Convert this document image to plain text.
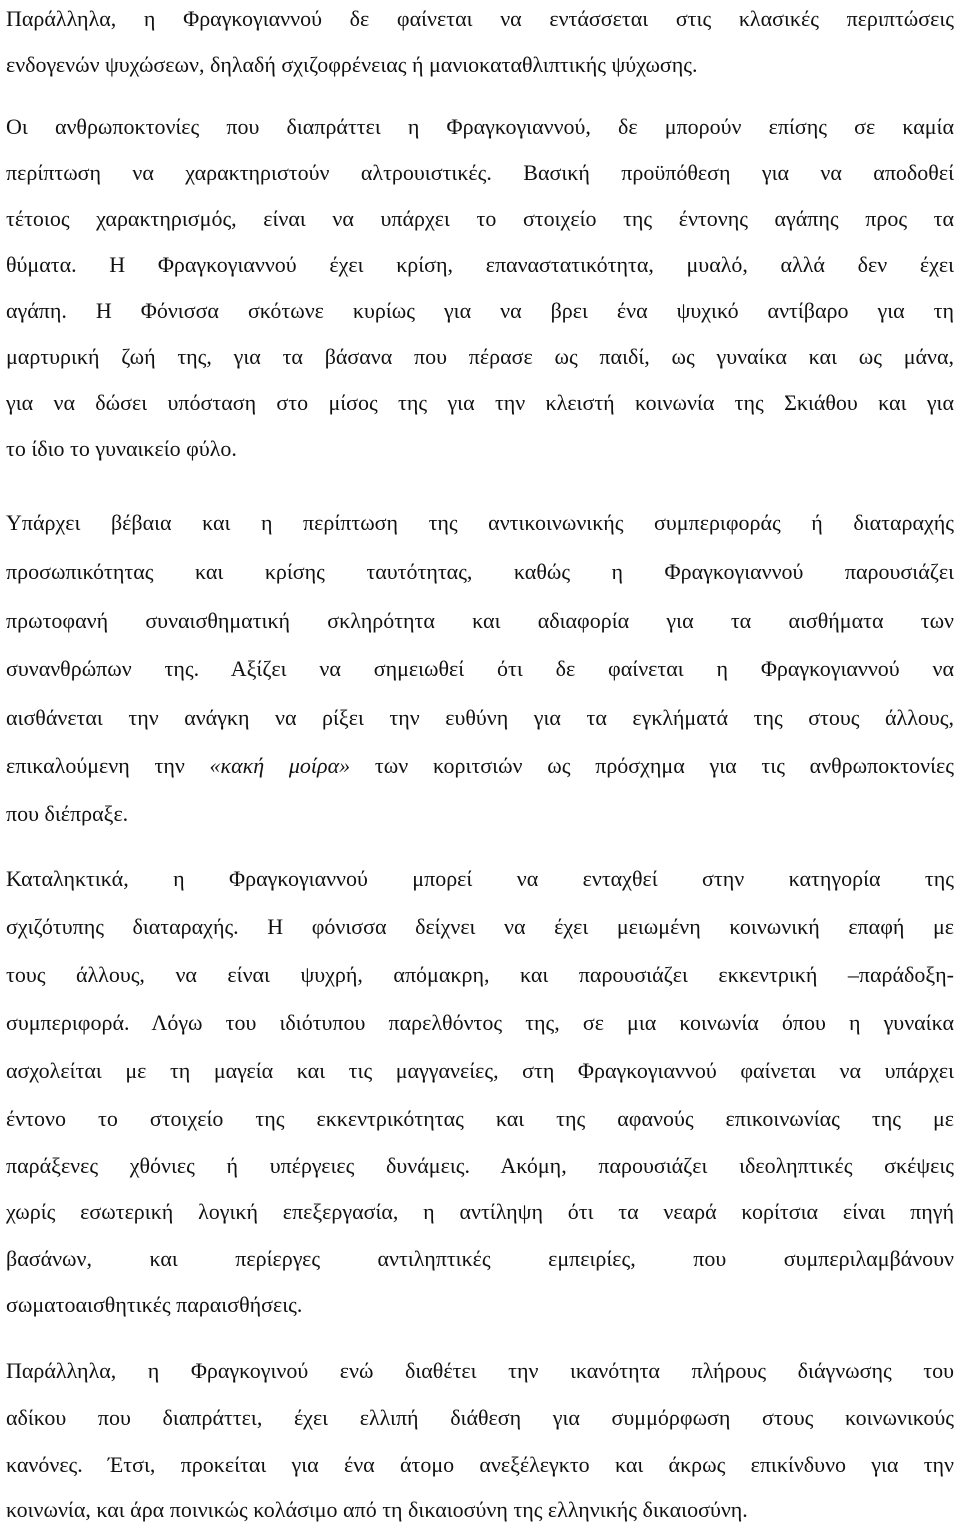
Παράλληλα, η Φραγκογιαννού δε φαίνεται να εντάσσεται στις κλασικές περιπτώσεις
ενδογενών ψυχώσεων, δηλαδή σχιζοφρένειας ή μανιοκαταθλιπτικής ψύχωσης.
Οι ανθρωποκτονίες που διαπράττει η Φραγκογιαννού, δε μπορούν επίσης σε καμία
περίπτωση να χαρακτηριστούν αλτρουιστικές. Βασική προϋπόθεση για να αποδοθεί
τέτοιος χαρακτηρισμός, είναι να υπάρχει το στοιχείο της έντονης αγάπης προς τα
θύματα. Η Φραγκογιαννού έχει κρίση, επαναστατικότητα, μυαλό, αλλά δεν έχει
αγάπη. Η Φόνισσα σκότωνε κυρίως για να βρει ένα ψυχικό αντίβαρο για τη
μαρτυρική ζωή της, για τα βάσανα που πέρασε ως παιδί, ως γυναίκα και ως μάνα,
για να δώσει υπόσταση στο μίσος της για την κλειστή κοινωνία της Σκιάθου και για
το ίδιο το γυναικείο φύλο.
Υπάρχει βέβαια και η περίπτωση της αντικοινωνικής συμπεριφοράς ή διαταραχής
προσωπικότητας και κρίσης ταυτότητας, καθώς η Φραγκογιαννού παρουσιάζει
πρωτοφανή συναισθηματική σκληρότητα και αδιαφορία για τα αισθήματα των
συνανθρώπων της. Αξίζει να σημειωθεί ότι δε φαίνεται η Φραγκογιαννού να
αισθάνεται την ανάγκη να ρίξει την ευθύνη για τα εγκλήματά της στους άλλους,
επικαλούμενη την «κακή μοίρα» των κοριτσιών ως πρόσχημα για τις ανθρωποκτονίες
που διέπραξε.
Καταληκτικά, η Φραγκογιαννού μπορεί να ενταχθεί στην κατηγορία της
σχιζότυπης διαταραχής. Η φόνισσα δείχνει να έχει μειωμένη κοινωνική επαφή με
τους άλλους, να είναι ψυχρή, απόμακρη, και παρουσιάζει εκκεντρική –παράδοξη-
συμπεριφορά. Λόγω του ιδιότυπου παρελθόντος της, σε μια κοινωνία όπου η γυναίκα
ασχολείται με τη μαγεία και τις μαγγανείες, στη Φραγκογιαννού φαίνεται να υπάρχει
έντονο το στοιχείο της εκκεντρικότητας και της αφανούς επικοινωνίας της με
παράξενες χθόνιες ή υπέργειες δυνάμεις. Ακόμη, παρουσιάζει ιδεοληπτικές σκέψεις
χωρίς εσωτερική λογική επεξεργασία, η αντίληψη ότι τα νεαρά κορίτσια είναι πηγή
βασάνων, και περίεργες αντιληπτικές εμπειρίες, που συμπεριλαμβάνουν
σωματοαισθητικές παραισθήσεις.
Παράλληλα, η Φραγκογινού ενώ διαθέτει την ικανότητα πλήρους διάγνωσης του
αδίκου που διαπράττει, έχει ελλιπή διάθεση για συμμόρφωση στους κοινωνικούς
κανόνες. Έτσι, προκείται για ένα άτομο ανεξέλεγκτο και άκρως επικίνδυνο για την
κοινωνία, και άρα ποινικώς κολάσιμο από τη δικαιοσύνη της ελληνικής δικαιοσύνη.
